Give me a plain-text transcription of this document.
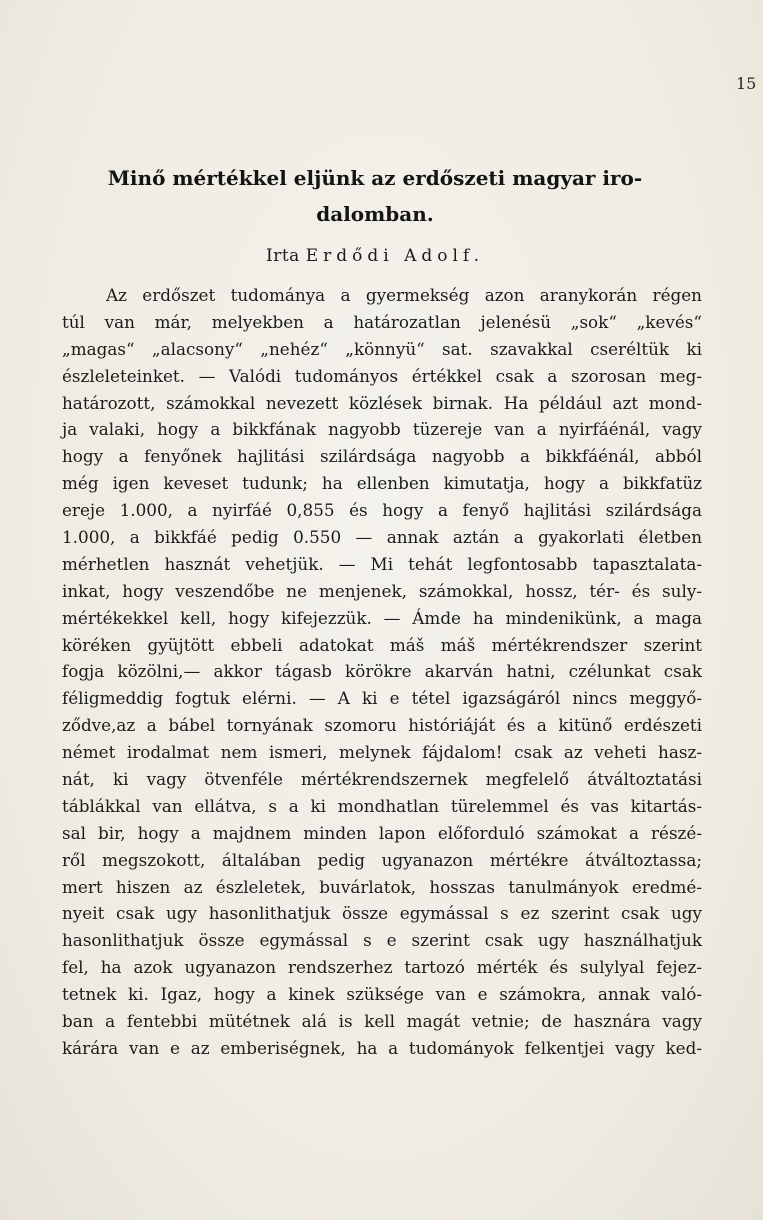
15
Minő mértékkel eljünk az erdőszeti magyar iro-
dalomban.
Irta Erdődi Adolf.
Az erdőszet tudománya a gyermekség azon aranykorán régen
túl van már, melyekben a határozatlan jelenésü „sok“ „kevés“
„magas“ „alacsony“ „nehéz“ „könnyü“ sat. szavakkal cseréltük ki
észleleteinket. — Valódi tudományos értékkel csak a szorosan meg-
határozott, számokkal nevezett közlések birnak. Ha például azt mond-
ja valaki, hogy a bikkfának nagyobb tüzereje van a nyirfáénál, vagy
hogy a fenyőnek hajlitási szilárdsága nagyobb a bikkfáénál, abból
még igen keveset tudunk; ha ellenben kimutatja, hogy a bikkfatüz
ereje 1.000, a nyirfáé 0,855 és hogy a fenyő hajlitási szilárdsága
1.000, a bikkfáé pedig 0.550 — annak aztán a gyakorlati életben
mérhetlen hasznát vehetjük. — Mi tehát legfontosabb tapasztalata-
inkat, hogy veszendőbe ne menjenek, számokkal, hossz, tér- és suly-
mértékekkel kell, hogy kifejezzük. — Ámde ha mindenikünk, a maga
köréken gyüjtött ebbeli adatokat máš máš mértékrendszer szerint
fogja közölni,— akkor tágasb körökre akarván hatni, czélunkat csak
féligmeddig fogtuk elérni. — A ki e tétel igazságáról nincs meggyő-
ződve,az a bábel tornyának szomoru históriáját és a kitünő erdészeti
német irodalmat nem ismeri, melynek fájdalom! csak az veheti hasz-
nát, ki vagy ötvenféle mértékrendszernek megfelelő átváltoztatási
táblákkal van ellátva, s a ki mondhatlan türelemmel és vas kitartás-
sal bir, hogy a majdnem minden lapon előforduló számokat a részé-
ről megszokott, általában pedig ugyanazon mértékre átváltoztassa;
mert hiszen az észleletek, buvárlatok, hosszas tanulmányok eredmé-
nyeit csak ugy hasonlithatjuk össze egymással s ez szerint csak ugy
hasonlithatjuk össze egymással s e szerint csak ugy használhatjuk
fel, ha azok ugyanazon rendszerhez tartozó mérték és sulylyal fejez-
tetnek ki. Igaz, hogy a kinek szüksége van e számokra, annak való-
ban a fentebbi mütétnek alá is kell magát vetnie; de hasznára vagy
kárára van e az emberiségnek, ha a tudományok felkentjei vagy ked-
